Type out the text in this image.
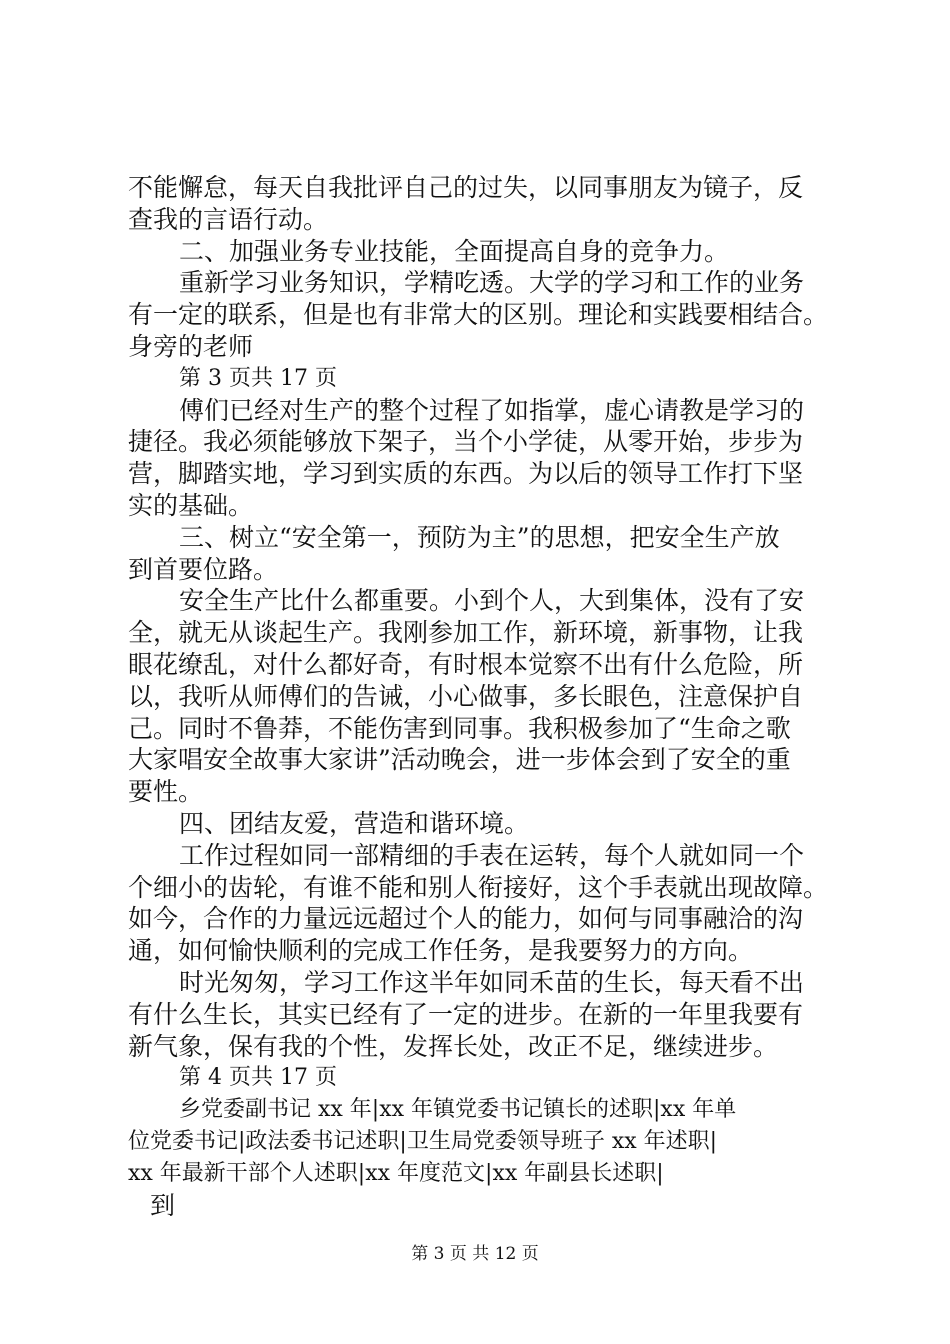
不能懈怠，每天自我批评自己的过失，以同事朋友为镜子，反
查我的言语行动。
二、加强业务专业技能，全面提高自身的竞争力。
重新学习业务知识，学精吃透。大学的学习和工作的业务
有一定的联系，但是也有非常大的区别。理论和实践要相结合。
身旁的老师
第 3 页共 17 页
傅们已经对生产的整个过程了如指掌，虚心请教是学习的
捷径。我必须能够放下架子，当个小学徒，从零开始，步步为
营，脚踏实地，学习到实质的东西。为以后的领导工作打下坚
实的基础。
三、树立“安全第一，预防为主”的思想，把安全生产放
到首要位路。
安全生产比什么都重要。小到个人，大到集体，没有了安
全，就无从谈起生产。我刚参加工作，新环境，新事物，让我
眼花缭乱，对什么都好奇，有时根本觉察不出有什么危险，所
以，我听从师傅们的告诫，小心做事，多长眼色，注意保护自
己。同时不鲁莽，不能伤害到同事。我积极参加了“生命之歌
大家唱安全故事大家讲”活动晚会，进一步体会到了安全的重
要性。
四、团结友爱，营造和谐环境。
工作过程如同一部精细的手表在运转，每个人就如同一个
个细小的齿轮，有谁不能和别人衔接好，这个手表就出现故障。
如今，合作的力量远远超过个人的能力，如何与同事融洽的沟
通，如何愉快顺利的完成工作任务，是我要努力的方向。
时光匆匆，学习工作这半年如同禾苗的生长，每天看不出
有什么生长，其实已经有了一定的进步。在新的一年里我要有
新气象，保有我的个性，发挥长处，改正不足，继续进步。
第 4 页共 17 页
乡党委副书记 xx 年|xx 年镇党委书记镇长的述职|xx 年单
位党委书记|政法委书记述职|卫生局党委领导班子 xx 年述职|
xx 年最新干部个人述职|xx 年度范文|xx 年副县长述职|
到
第 3 页 共 12 页
